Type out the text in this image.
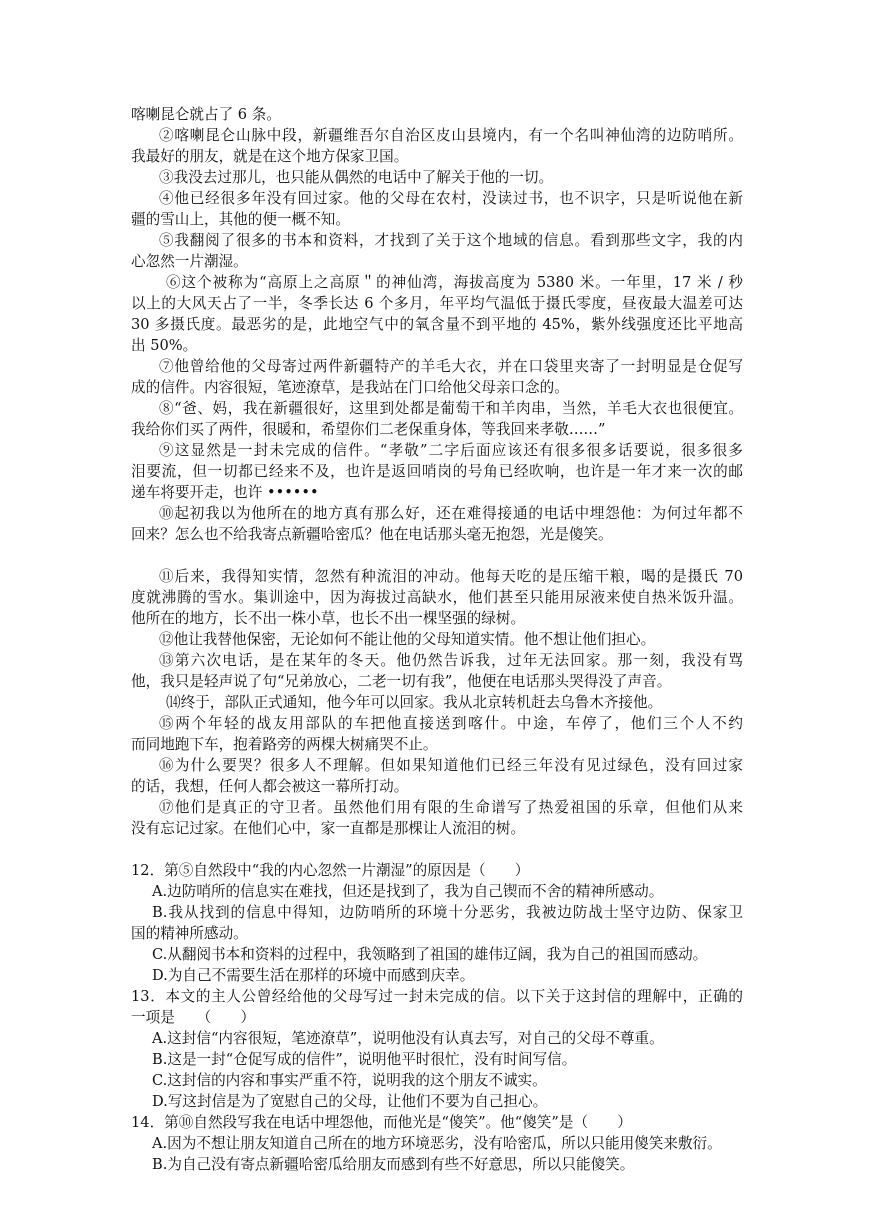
喀喇昆仑就占了 6 条。

②喀喇昆仑山脉中段，新疆维吾尔自治区皮山县境内，有一个名叫神仙湾的边防哨所。

我最好的朋友，就是在这个地方保家卫国。

③我没去过那儿，也只能从偶然的电话中了解关于他的一切。

④他已经很多年没有回过家。他的父母在农村，没读过书，也不识字，只是听说他在新

疆的雪山上，其他的便一概不知。

⑤我翻阅了很多的书本和资料，才找到了关于这个地域的信息。看到那些文字，我的内

心忽然一片潮湿。

⑥这个被称为“高原上之高原＂的神仙湾，海拔高度为 5380 米。一年里，17 米 / 秒

以上的大风天占了一半，冬季长达 6 个多月，年平均气温低于摄氏零度，昼夜最大温差可达

30 多摄氏度。最恶劣的是，此地空气中的氧含量不到平地的 45%，紫外线强度还比平地高

出 50%。

⑦他曾给他的父母寄过两件新疆特产的羊毛大衣，并在口袋里夹寄了一封明显是仓促写

成的信件。内容很短，笔迹潦草，是我站在门口给他父母亲口念的。

⑧“爸、妈，我在新疆很好，这里到处都是葡萄干和羊肉串，当然，羊毛大衣也很便宜。

我给你们买了两件，很暖和，希望你们二老保重身体，等我回来孝敬……”

⑨这显然是一封未完成的信件。“孝敬”二字后面应该还有很多很多话要说，很多很多

泪要流，但一切都已经来不及，也许是返回哨岗的号角已经吹响，也许是一年才来一次的邮

递车将要开走，也许 ••••••

⑩起初我以为他所在的地方真有那么好，还在难得接通的电话中埋怨他：为何过年都不

回来？怎么也不给我寄点新疆哈密瓜？他在电话那头毫无抱怨，光是傻笑。

⑪后来，我得知实情，忽然有种流泪的冲动。他每天吃的是压缩干粮，喝的是摄氏 70

度就沸腾的雪水。集训途中，因为海拔过高缺水，他们甚至只能用尿液来使自热米饭升温。

他所在的地方，长不出一株小草，也长不出一棵坚强的绿树。

⑫他让我替他保密，无论如何不能让他的父母知道实情。他不想让他们担心。

⑬第六次电话，是在某年的冬天。他仍然告诉我，过年无法回家。那一刻，我没有骂

他，我只是轻声说了句“兄弟放心，二老一切有我”，他便在电话那头哭得没了声音。

⒁终于，部队正式通知，他今年可以回家。我从北京转机赶去乌鲁木齐接他。

⑮两个年轻的战友用部队的车把他直接送到喀什。中途，车停了，他们三个人不约

而同地跑下车，抱着路旁的两棵大树痛哭不止。

⑯为什么要哭？很多人不理解。但如果知道他们已经三年没有见过绿色，没有回过家

的话，我想，任何人都会被这一幕所打动。

⑰他们是真正的守卫者。虽然他们用有限的生命谱写了热爱祖国的乐章，但他们从来

没有忘记过家。在他们心中，家一直都是那棵让人流泪的树。

12．第⑤自然段中“我的内心忽然一片潮湿”的原因是（　　）

A.边防哨所的信息实在难找，但还是找到了，我为自己锲而不舍的精神所感动。

B.我从找到的信息中得知，边防哨所的环境十分恶劣，我被边防战士坚守边防、保家卫

国的精神所感动。

C.从翻阅书本和资料的过程中，我领略到了祖国的雄伟辽阔，我为自己的祖国而感动。

D.为自己不需要生活在那样的环境中而感到庆幸。

13．本文的主人公曾经给他的父母写过一封未完成的信。以下关于这封信的理解中，正确的

一项是　　（　　）

A.这封信“内容很短，笔迹潦草”，说明他没有认真去写，对自己的父母不尊重。

B.这是一封“仓促写成的信件”，说明他平时很忙，没有时间写信。

C.这封信的内容和事实严重不符，说明我的这个朋友不诚实。

D.写这封信是为了宽慰自己的父母，让他们不要为自己担心。

14．第⑩自然段写我在电话中埋怨他，而他光是“傻笑”。他“傻笑”是（　　）

A.因为不想让朋友知道自己所在的地方环境恶劣，没有哈密瓜，所以只能用傻笑来敷衍。

B.为自己没有寄点新疆哈密瓜给朋友而感到有些不好意思，所以只能傻笑。
